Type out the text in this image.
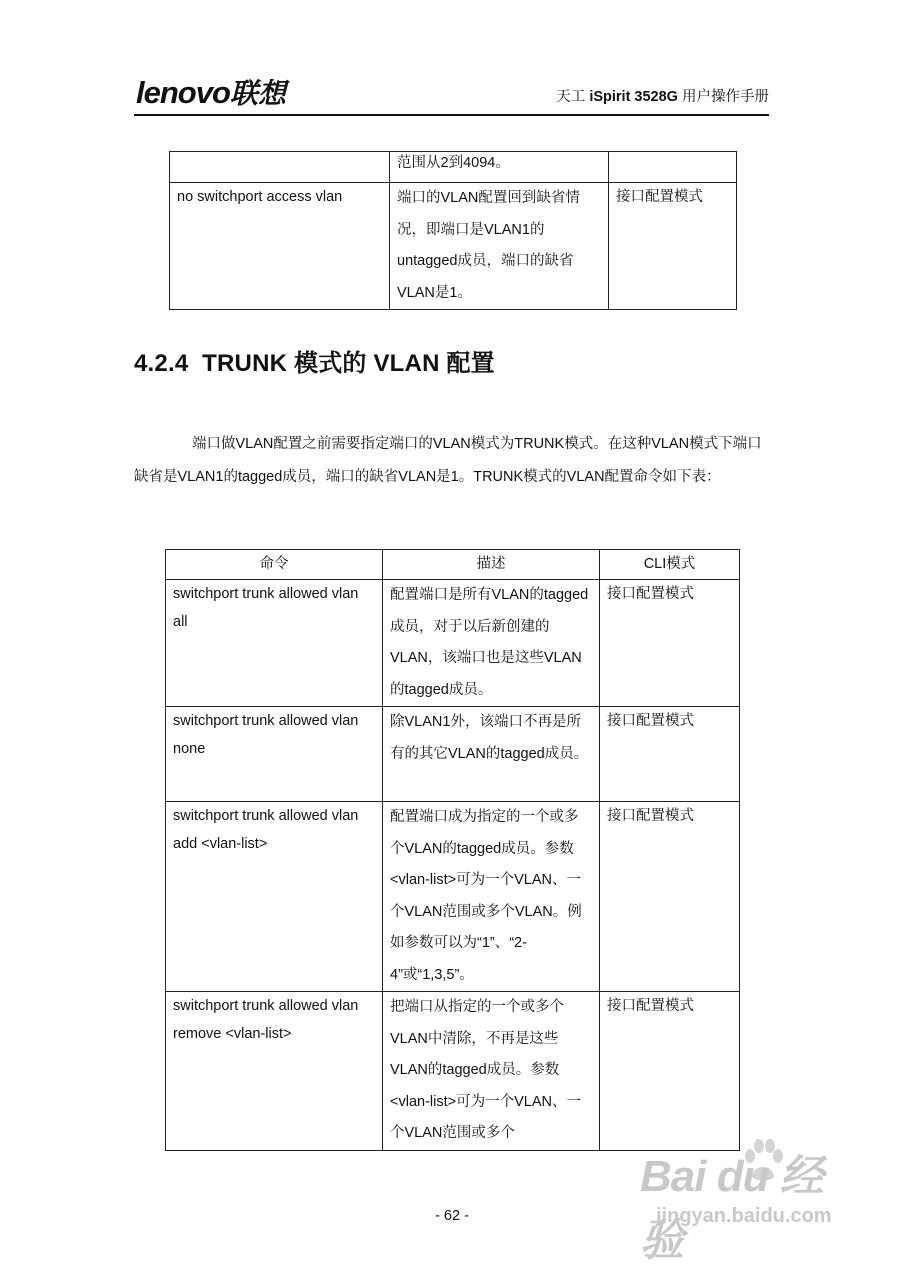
lenovo联想	天工 iSpirit 3528G 用户操作手册
	范围从2到4094。	
no switchport access vlan	端口的VLAN配置回到缺省情况，即端口是VLAN1的untagged成员，端口的缺省VLAN是1。	接口配置模式
4.2.4 TRUNK 模式的 VLAN 配置
端口做VLAN配置之前需要指定端口的VLAN模式为TRUNK模式。在这种VLAN模式下端口缺省是VLAN1的tagged成员，端口的缺省VLAN是1。TRUNK模式的VLAN配置命令如下表：
命令	描述	CLI模式
switchport trunk allowed vlan all	配置端口是所有VLAN的tagged成员，对于以后新创建的VLAN，该端口也是这些VLAN的tagged成员。	接口配置模式
switchport trunk allowed vlan none	除VLAN1外，该端口不再是所有的其它VLAN的tagged成员。	接口配置模式
switchport trunk allowed vlan add <vlan-list>	配置端口成为指定的一个或多个VLAN的tagged成员。参数<vlan-list>可为一个VLAN、一个VLAN范围或多个VLAN。例如参数可以为“1”、“2-4”或“1,3,5”。	接口配置模式
switchport trunk allowed vlan remove <vlan-list>	把端口从指定的一个或多个VLAN中清除，不再是这些VLAN的tagged成员。参数<vlan-list>可为一个VLAN、一个VLAN范围或多个	接口配置模式
Bai du 经验
jingyan.baidu.com
- 62 -
